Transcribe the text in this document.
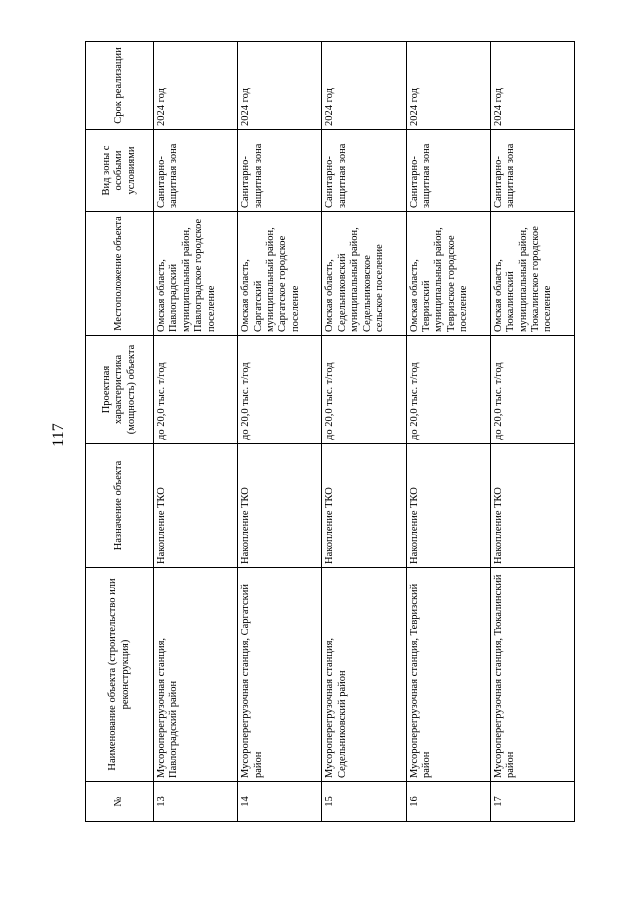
117
№	Наименование объекта (строительство или реконструкция)	Назначение объекта	Проектная характеристика (мощность) объекта	Местоположение объекта	Вид зоны с особыми условиями	Срок реализации
13	Мусороперегрузочная станция, Павлоградский район	Накопление ТКО	до 20,0 тыс. т/год	Омская область, Павлоградский муниципальный район, Павлоградское городское поселение	Санитарно-защитная зона	2024 год
14	Мусороперегрузочная станция, Саргатский район	Накопление ТКО	до 20,0 тыс. т/год	Омская область, Саргатский муниципальный район, Саргатское городское поселение	Санитарно-защитная зона	2024 год
15	Мусороперегрузочная станция, Седельниковский район	Накопление ТКО	до 20,0 тыс. т/год	Омская область, Седельниковский муниципальный район, Седельниковское сельское поселение	Санитарно-защитная зона	2024 год
16	Мусороперегрузочная станция, Тевризский район	Накопление ТКО	до 20,0 тыс. т/год	Омская область, Тевризский муниципальный район, Тевризское городское поселение	Санитарно-защитная зона	2024 год
17	Мусороперегрузочная станция, Тюкалинский район	Накопление ТКО	до 20,0 тыс. т/год	Омская область, Тюкалинский муниципальный район, Тюкалинское городское поселение	Санитарно-защитная зона	2024 год
